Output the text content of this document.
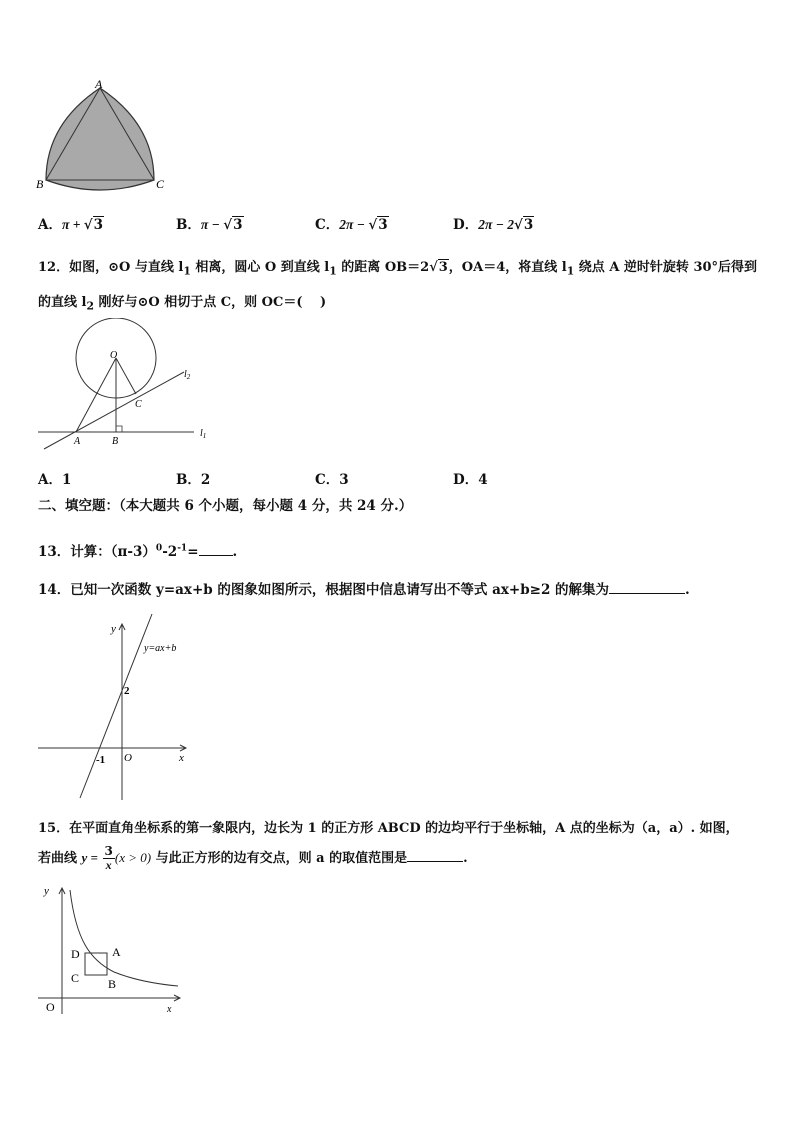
A
B	C
A．π + √3	B．π − √3	C．2π − √3	D．2π − 2√3
12．如图，⊙O 与直线 $l_1$ 相离，圆心 O 到直线 $l_1$ 的距离 OB＝2√3，OA＝4，将直线 $l_1$ 绕点 A 逆时针旋转 30°后得到
的直线 $l_2$ 刚好与⊙O 相切于点 C，则 OC＝(　 )
O
C
A	B
$l_2$
$l_1$
A．1	B．2	C．3	D．4
二、填空题：（本大题共 6 个小题，每小题 4 分，共 24 分.）
13．计算：$(\pi-3)^0-2^{-1}=$	.
14．已知一次函数 y=ax+b 的图象如图所示，根据图中信息请写出不等式 ax+b≥2 的解集为	.
y
x
y=ax+b
2
-1 O
15．在平面直角坐标系的第一象限内，边长为 1 的正方形 ABCD 的边均平行于坐标轴，A 点的坐标为（a，a）. 如图，
若曲线 $y = \frac{3}{x} (x > 0)$ 与此正方形的边有交点，则 a 的取值范围是	.
y
x
O
D	A
C B
